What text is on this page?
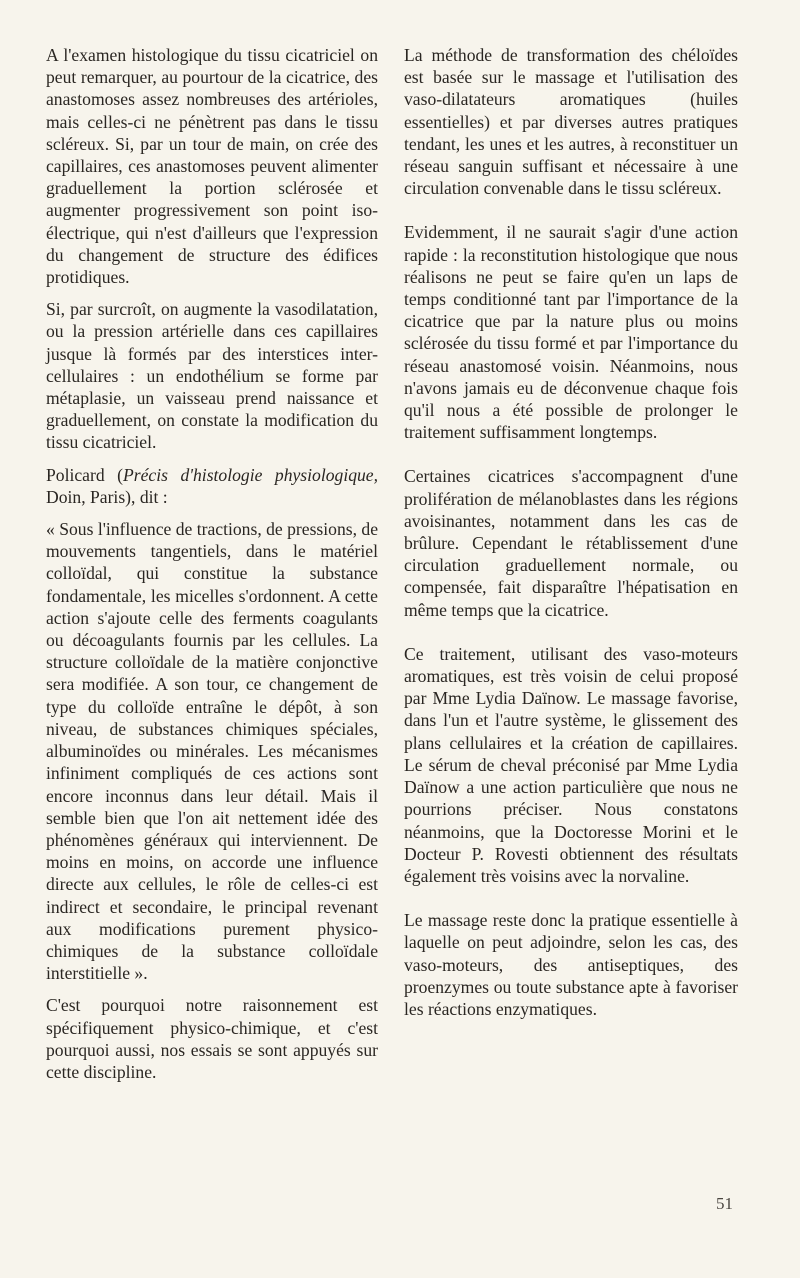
A l'examen histologique du tissu cicatriciel on peut remarquer, au pourtour de la cicatrice, des anastomoses assez nombreuses des artérioles, mais celles-ci ne pénètrent pas dans le tissu scléreux. Si, par un tour de main, on crée des capillaires, ces anastomoses peuvent alimenter graduellement la portion sclérosée et augmenter progressivement son point iso-électrique, qui n'est d'ailleurs que l'expression du changement de structure des édifices protidiques.

Si, par surcroît, on augmente la vasodilatation, ou la pression artérielle dans ces capillaires jusque là formés par des interstices inter-cellulaires : un endothélium se forme par métaplasie, un vaisseau prend naissance et graduellement, on constate la modification du tissu cicatriciel.

Policard (Précis d'histologie physiologique, Doin, Paris), dit :

« Sous l'influence de tractions, de pressions, de mouvements tangentiels, dans le matériel colloïdal, qui constitue la substance fondamentale, les micelles s'ordonnent. A cette action s'ajoute celle des ferments coagulants ou décoagulants fournis par les cellules. La structure colloïdale de la matière conjonctive sera modifiée. A son tour, ce changement de type du colloïde entraîne le dépôt, à son niveau, de substances chimiques spéciales, albuminoïdes ou minérales. Les mécanismes infiniment compliqués de ces actions sont encore inconnus dans leur détail. Mais il semble bien que l'on ait nettement idée des phénomènes généraux qui interviennent. De moins en moins, on accorde une influence directe aux cellules, le rôle de celles-ci est indirect et secondaire, le principal revenant aux modifications purement physico-chimiques de la substance colloïdale interstitielle ».

C'est pourquoi notre raisonnement est spécifiquement physico-chimique, et c'est pourquoi aussi, nos essais se sont appuyés sur cette discipline.

La méthode de transformation des chéloïdes est basée sur le massage et l'utilisation des vaso-dilatateurs aromatiques (huiles essentielles) et par diverses autres pratiques tendant, les unes et les autres, à reconstituer un réseau sanguin suffisant et nécessaire à une circulation convenable dans le tissu scléreux.

Evidemment, il ne saurait s'agir d'une action rapide : la reconstitution histologique que nous réalisons ne peut se faire qu'en un laps de temps conditionné tant par l'importance de la cicatrice que par la nature plus ou moins sclérosée du tissu formé et par l'importance du réseau anastomosé voisin. Néanmoins, nous n'avons jamais eu de déconvenue chaque fois qu'il nous a été possible de prolonger le traitement suffisamment longtemps.

Certaines cicatrices s'accompagnent d'une prolifération de mélanoblastes dans les régions avoisinantes, notamment dans les cas de brûlure. Cependant le rétablissement d'une circulation graduellement normale, ou compensée, fait disparaître l'hépatisation en même temps que la cicatrice.

Ce traitement, utilisant des vaso-moteurs aromatiques, est très voisin de celui proposé par Mme Lydia Daïnow. Le massage favorise, dans l'un et l'autre système, le glissement des plans cellulaires et la création de capillaires. Le sérum de cheval préconisé par Mme Lydia Daïnow a une action particulière que nous ne pourrions préciser. Nous constatons néanmoins, que la Doctoresse Morini et le Docteur P. Rovesti obtiennent des résultats également très voisins avec la norvaline.

Le massage reste donc la pratique essentielle à laquelle on peut adjoindre, selon les cas, des vaso-moteurs, des antiseptiques, des proenzymes ou toute substance apte à favoriser les réactions enzymatiques.

51
